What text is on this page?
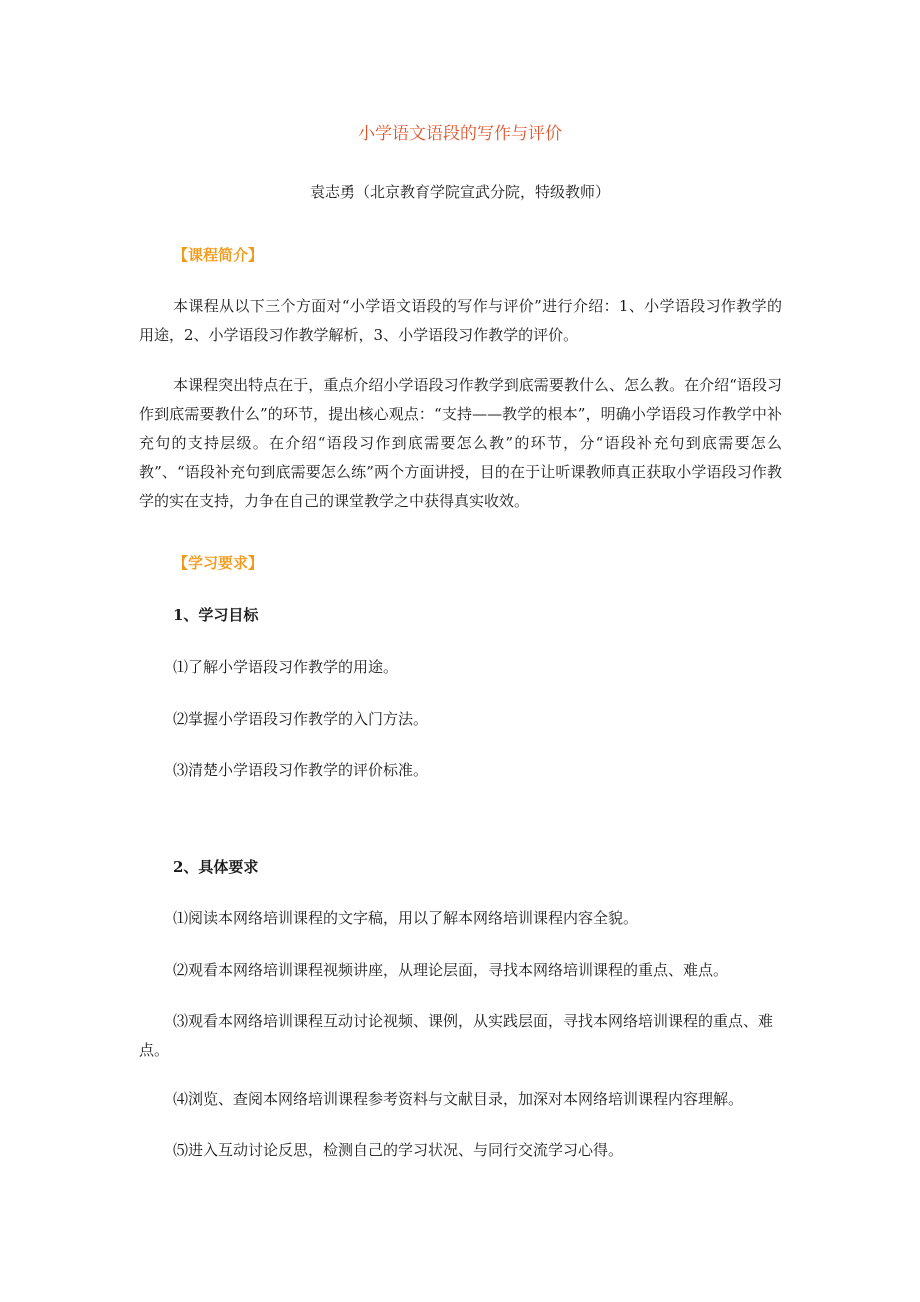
小学语文语段的写作与评价
袁志勇（北京教育学院宣武分院，特级教师）
【课程简介】
本课程从以下三个方面对“小学语文语段的写作与评价”进行介绍：1、小学语段习作教学的用途，2、小学语段习作教学解析，3、小学语段习作教学的评价。
本课程突出特点在于，重点介绍小学语段习作教学到底需要教什么、怎么教。在介绍“语段习作到底需要教什么”的环节，提出核心观点：“支持——教学的根本”，明确小学语段习作教学中补充句的支持层级。在介绍“语段习作到底需要怎么教”的环节，分“语段补充句到底需要怎么教”、“语段补充句到底需要怎么练”两个方面讲授，目的在于让听课教师真正获取小学语段习作教学的实在支持，力争在自己的课堂教学之中获得真实收效。
【学习要求】
1、学习目标
⑴了解小学语段习作教学的用途。
⑵掌握小学语段习作教学的入门方法。
⑶清楚小学语段习作教学的评价标准。
2、具体要求
⑴阅读本网络培训课程的文字稿，用以了解本网络培训课程内容全貌。
⑵观看本网络培训课程视频讲座，从理论层面，寻找本网络培训课程的重点、难点。
⑶观看本网络培训课程互动讨论视频、课例，从实践层面，寻找本网络培训课程的重点、难点。
⑷浏览、查阅本网络培训课程参考资料与文献目录，加深对本网络培训课程内容理解。
⑸进入互动讨论反思，检测自己的学习状况、与同行交流学习心得。
